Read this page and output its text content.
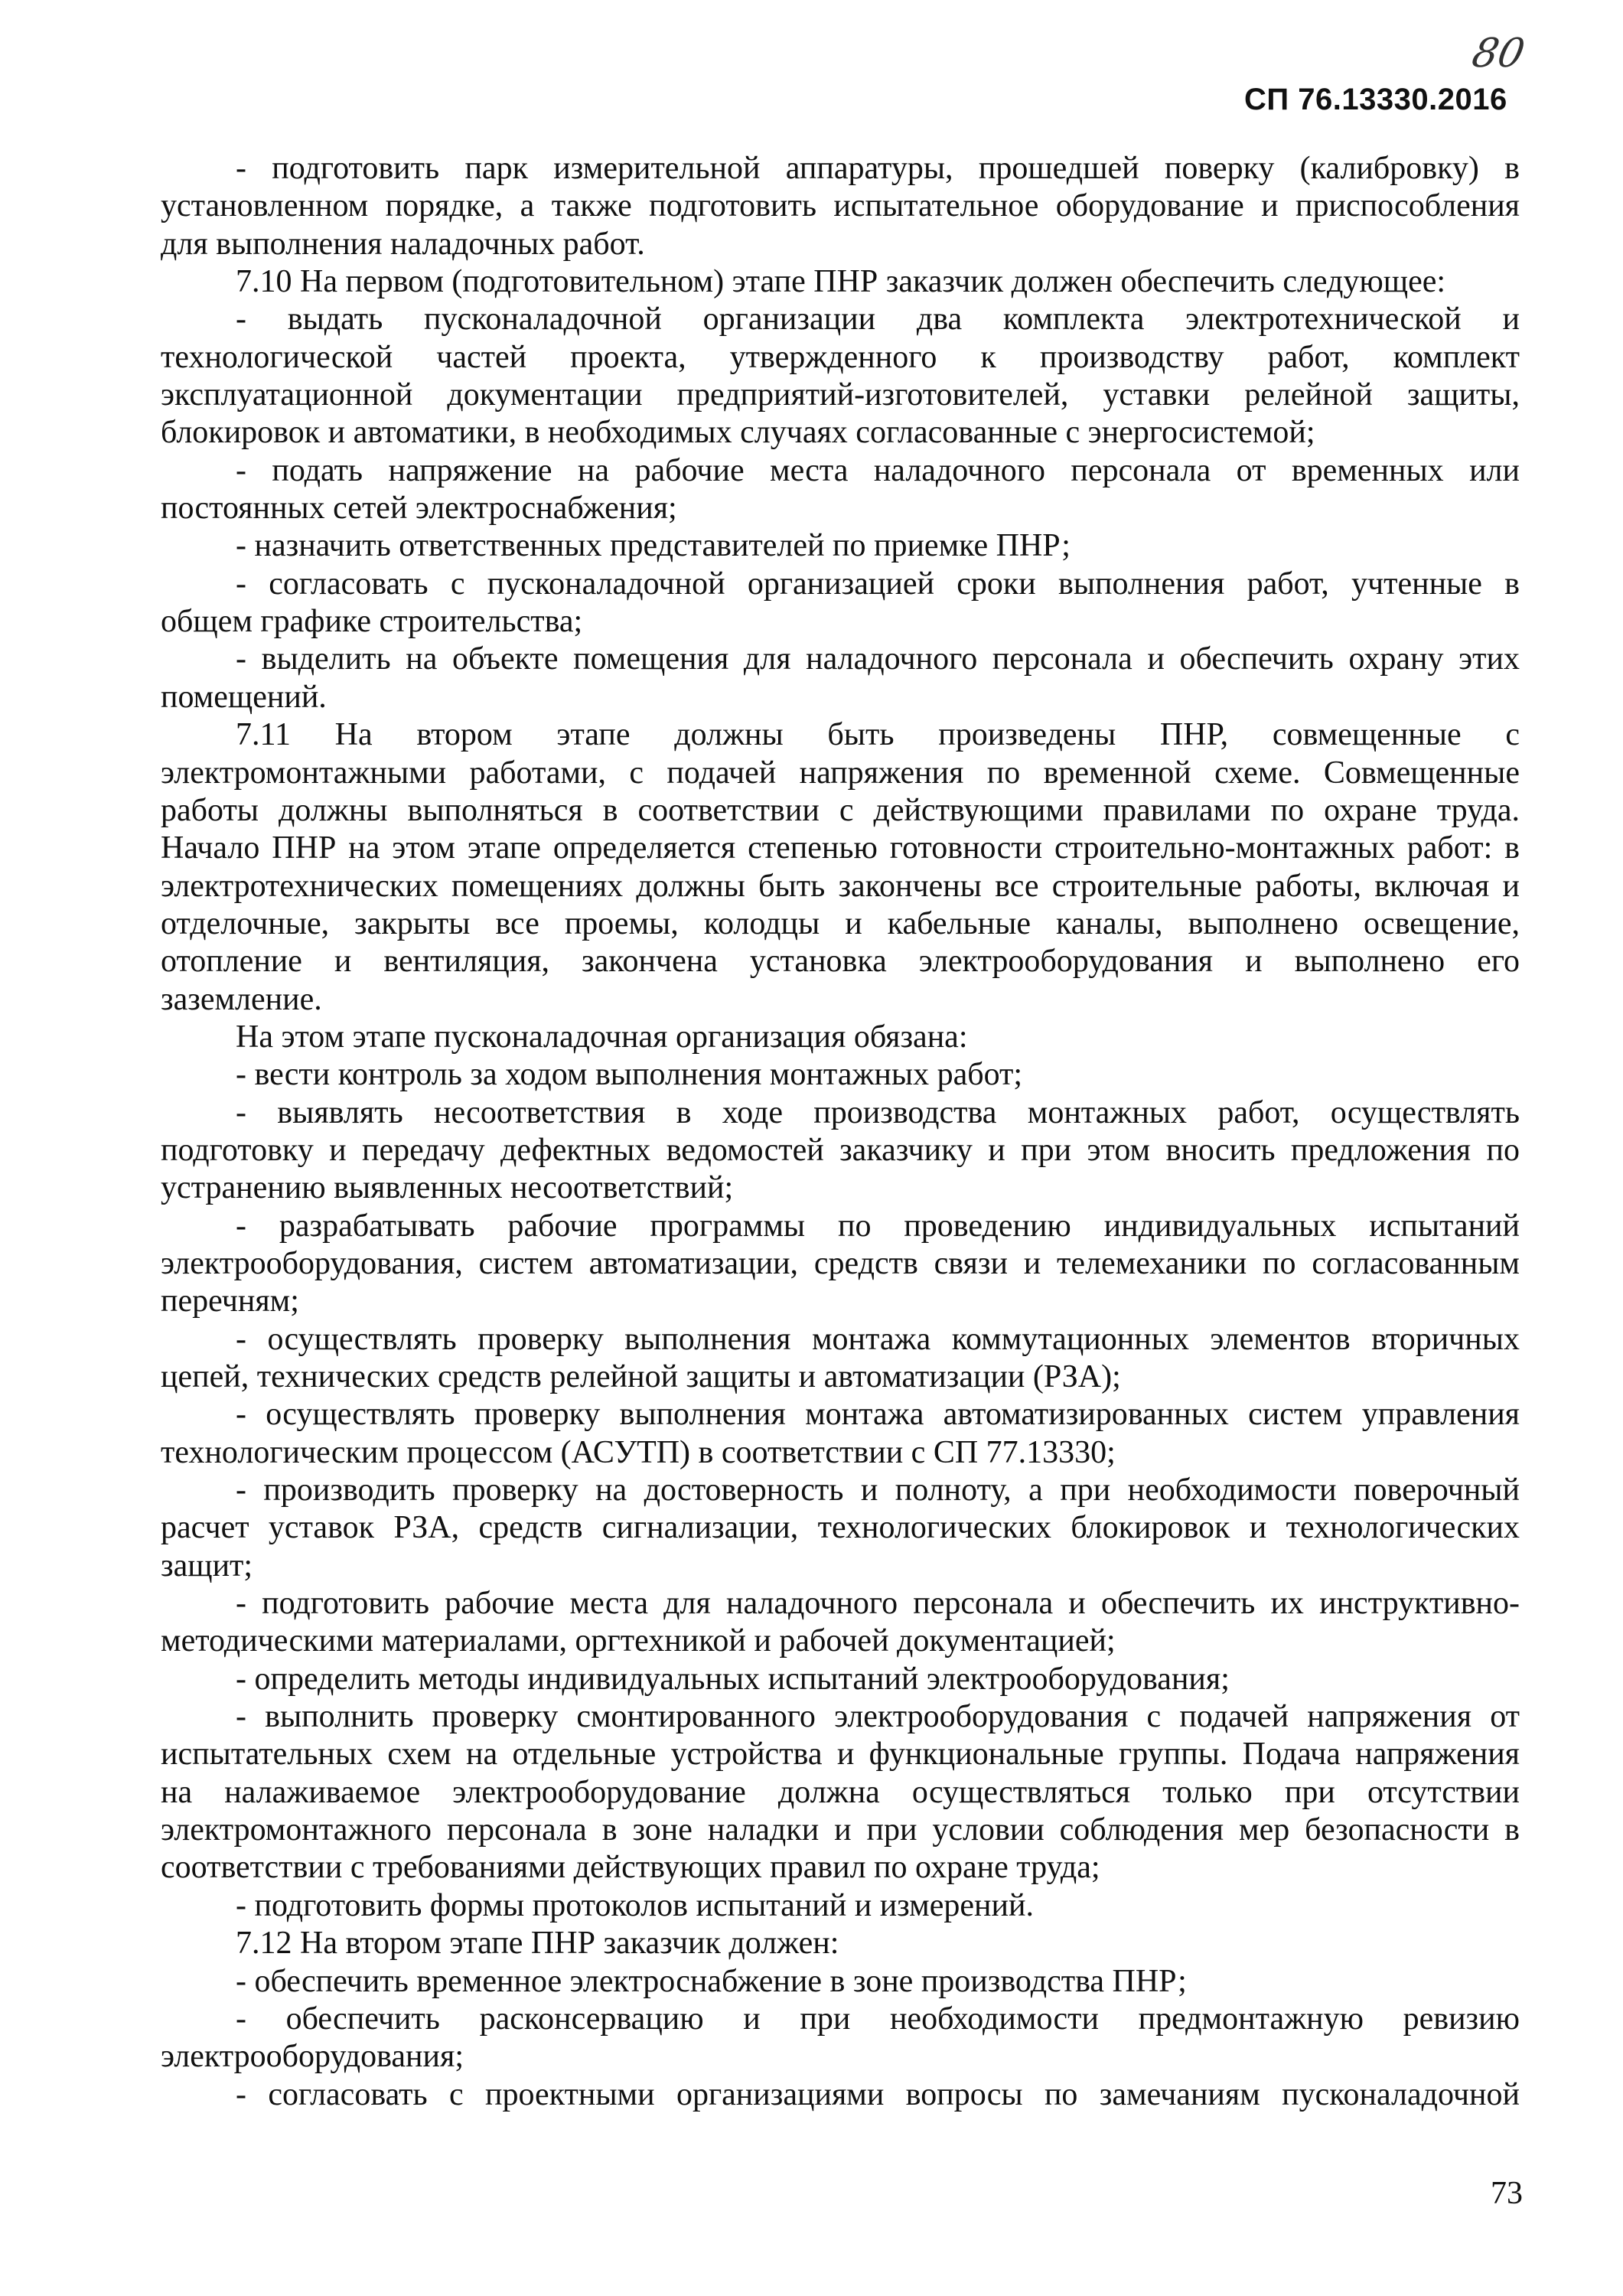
80
СП 76.13330.2016
- подготовить парк измерительной аппаратуры, прошедшей поверку (калибровку) в
установленном порядке, а также подготовить испытательное оборудование и приспособления
для выполнения наладочных работ.
7.10 На первом (подготовительном) этапе ПНР заказчик должен обеспечить следующее:
- выдать пусконаладочной организации два комплекта электротехнической и
технологической частей проекта, утвержденного к производству работ, комплект
эксплуатационной документации предприятий-изготовителей, уставки релейной защиты,
блокировок и автоматики, в необходимых случаях согласованные с энергосистемой;
- подать напряжение на рабочие места наладочного персонала от временных или
постоянных сетей электроснабжения;
- назначить ответственных представителей по приемке ПНР;
- согласовать с пусконаладочной организацией сроки выполнения работ, учтенные в
общем графике строительства;
- выделить на объекте помещения для наладочного персонала и обеспечить охрану этих
помещений.
7.11 На втором этапе должны быть произведены ПНР, совмещенные с
электромонтажными работами, с подачей напряжения по временной схеме. Совмещенные
работы должны выполняться в соответствии с действующими правилами по охране труда.
Начало ПНР на этом этапе определяется степенью готовности строительно-монтажных работ: в
электротехнических помещениях должны быть закончены все строительные работы, включая и
отделочные, закрыты все проемы, колодцы и кабельные каналы, выполнено освещение,
отопление и вентиляция, закончена установка электрооборудования и выполнено его
заземление.
На этом этапе пусконаладочная организация обязана:
- вести контроль за ходом выполнения монтажных работ;
- выявлять несоответствия в ходе производства монтажных работ, осуществлять
подготовку и передачу дефектных ведомостей заказчику и при этом вносить предложения по
устранению выявленных несоответствий;
- разрабатывать рабочие программы по проведению индивидуальных испытаний
электрооборудования, систем автоматизации, средств связи и телемеханики по согласованным
перечням;
- осуществлять проверку выполнения монтажа коммутационных элементов вторичных
цепей, технических средств релейной защиты и автоматизации (РЗА);
- осуществлять проверку выполнения монтажа автоматизированных систем управления
технологическим процессом (АСУТП) в соответствии с СП 77.13330;
- производить проверку на достоверность и полноту, а при необходимости поверочный
расчет уставок РЗА, средств сигнализации, технологических блокировок и технологических
защит;
- подготовить рабочие места для наладочного персонала и обеспечить их инструктивно-
методическими материалами, оргтехникой и рабочей документацией;
- определить методы индивидуальных испытаний электрооборудования;
- выполнить проверку смонтированного электрооборудования с подачей напряжения от
испытательных схем на отдельные устройства и функциональные группы. Подача напряжения
на налаживаемое электрооборудование должна осуществляться только при отсутствии
электромонтажного персонала в зоне наладки и при условии соблюдения мер безопасности в
соответствии с требованиями действующих правил по охране труда;
- подготовить формы протоколов испытаний и измерений.
7.12 На втором этапе ПНР заказчик должен:
- обеспечить временное электроснабжение в зоне производства ПНР;
- обеспечить расконсервацию и при необходимости предмонтажную ревизию
электрооборудования;
- согласовать с проектными организациями вопросы по замечаниям пусконаладочной
73
